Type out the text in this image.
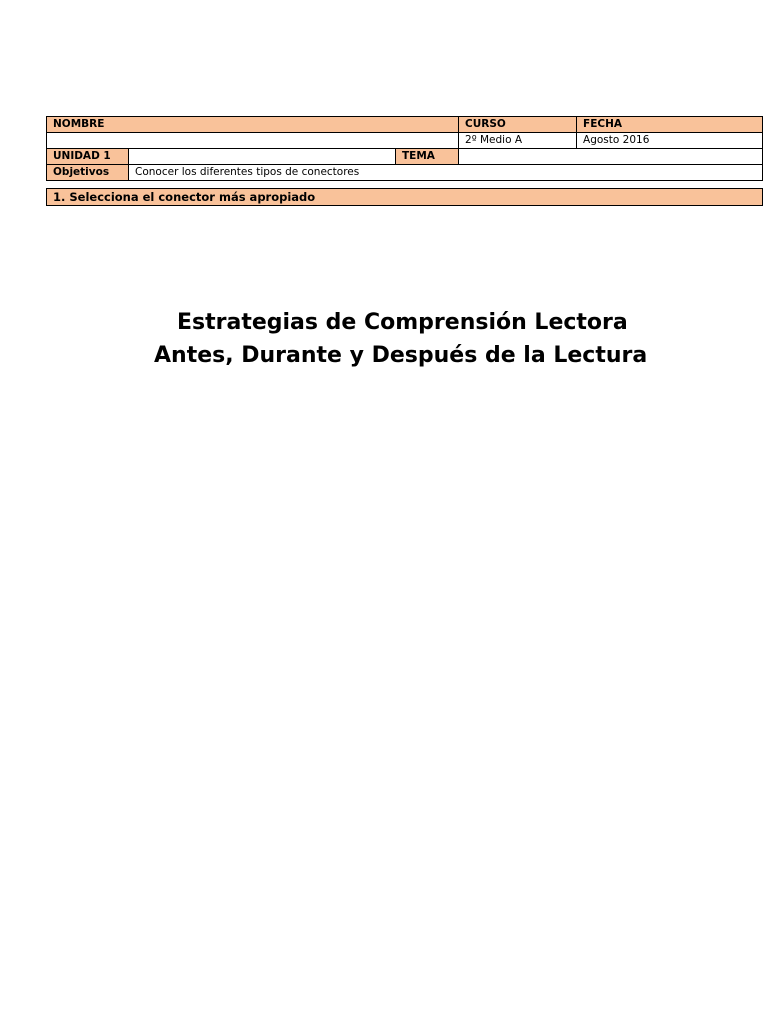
NOMBRE			CURSO	FECHA
			2º Medio A	Agosto 2016
UNIDAD 1		TEMA		
Objetivos	Conocer los diferentes tipos de conectores			

1. Selecciona el conector más apropiado				
Estrategias de Comprensión Lectora
Antes, Durante y Después de la Lectura
